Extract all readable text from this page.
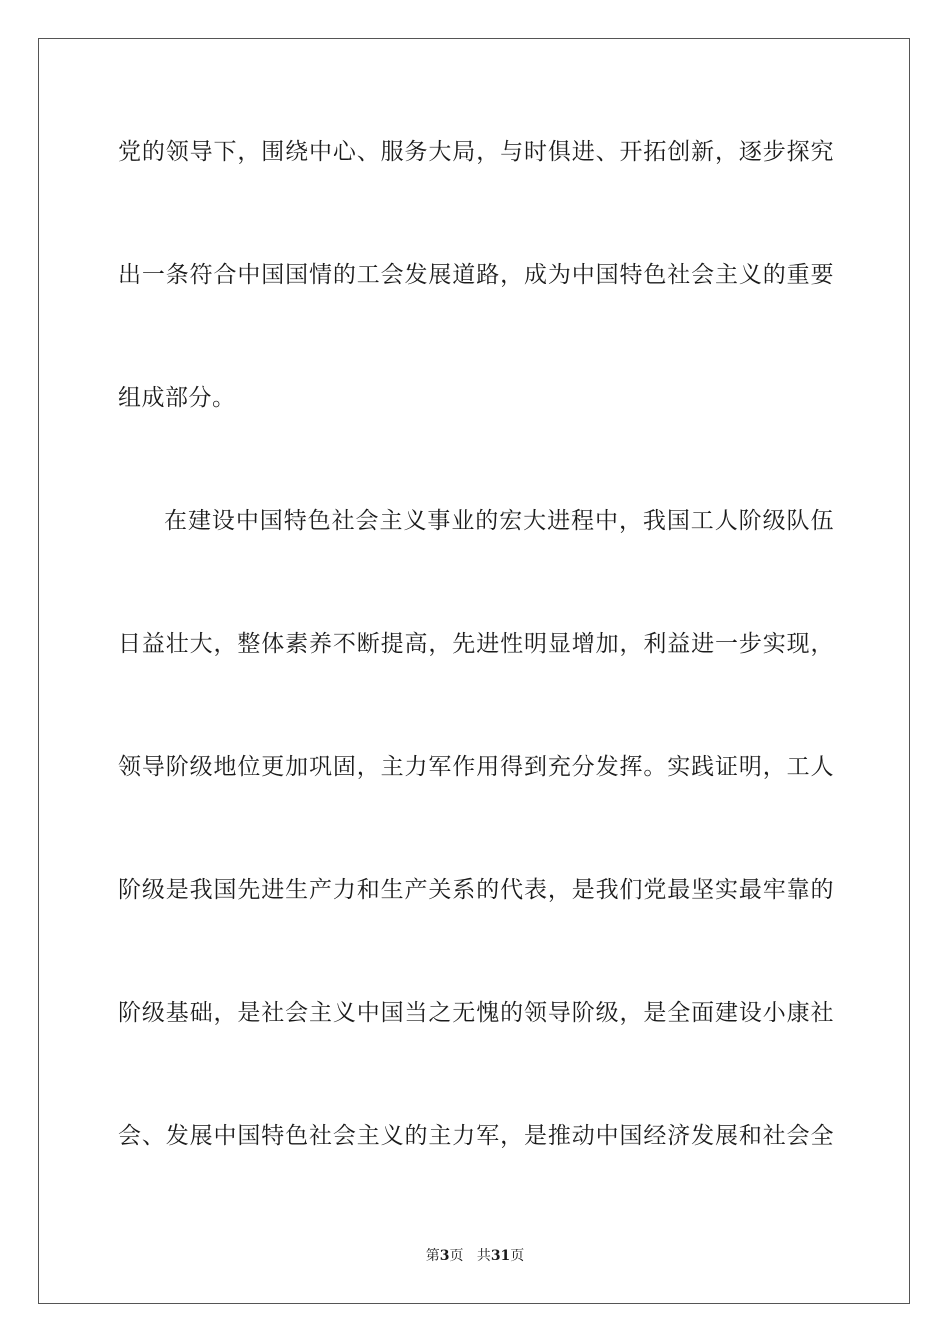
党的领导下，围绕中心、服务大局，与时俱进、开拓创新，逐步探究
出一条符合中国国情的工会发展道路，成为中国特色社会主义的重要
组成部分。
在建设中国特色社会主义事业的宏大进程中，我国工人阶级队伍
日益壮大，整体素养不断提高，先进性明显增加，利益进一步实现，
领导阶级地位更加巩固，主力军作用得到充分发挥。实践证明，工人
阶级是我国先进生产力和生产关系的代表，是我们党最坚实最牢靠的
阶级基础，是社会主义中国当之无愧的领导阶级，是全面建设小康社
会、发展中国特色社会主义的主力军，是推动中国经济发展和社会全
第3页 共31页
